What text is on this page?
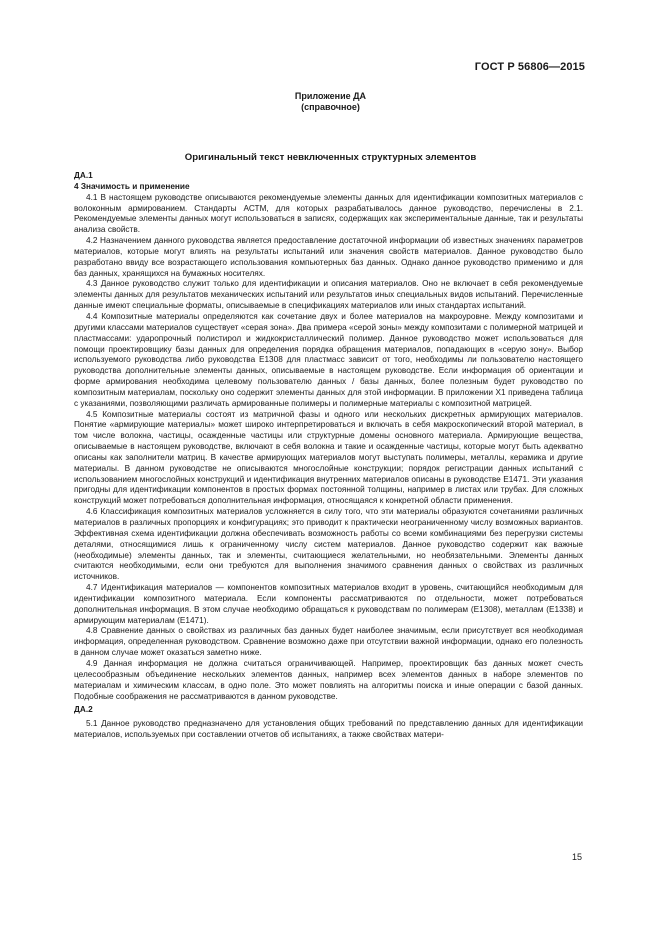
ГОСТ Р 56806—2015
Приложение ДА
(справочное)
Оригинальный текст невключенных структурных элементов

ДА.1

4 Значимость и применение

4.1 В настоящем руководстве описываются рекомендуемые элементы данных для идентификации композитных материалов с волоконным армированием. Стандарты АСТМ, для которых разрабатывалось данное руководство, перечислены в 2.1. Рекомендуемые элементы данных могут использоваться в записях, содержащих как экспериментальные данные, так и результаты анализа свойств.

4.2 Назначением данного руководства является предоставление достаточной информации об известных значениях параметров материалов, которые могут влиять на результаты испытаний или значения свойств материалов. Данное руководство было разработано ввиду все возрастающего использования компьютерных баз данных. Однако данное руководство применимо и для баз данных, хранящихся на бумажных носителях.

4.3 Данное руководство служит только для идентификации и описания материалов. Оно не включает в себя рекомендуемые элементы данных для результатов механических испытаний или результатов иных специальных видов испытаний. Перечисленные данные имеют специальные форматы, описываемые в спецификациях материалов или иных стандартах испытаний.

4.4 Композитные материалы определяются как сочетание двух и более материалов на макроуровне. Между композитами и другими классами материалов существует «серая зона». Два примера «серой зоны» между композитами с полимерной матрицей и пластмассами: ударопрочный полистирол и жидкокристаллический полимер. Данное руководство может использоваться для помощи проектировщику базы данных для определения порядка обращения материалов, попадающих в «серую зону». Выбор используемого руководства либо руководства E1308 для пластмасс зависит от того, необходимы ли пользователю настоящего руководства дополнительные элементы данных, описываемые в настоящем руководстве. Если информация об ориентации и форме армирования необходима целевому пользователю данных / базы данных, более полезным будет руководство по композитным материалам, поскольку оно содержит элементы данных для этой информации. В приложении X1 приведена таблица с указаниями, позволяющими различать армированные полимеры и полимерные материалы с композитной матрицей.

4.5 Композитные материалы состоят из матричной фазы и одного или нескольких дискретных армирующих материалов. Понятие «армирующие материалы» может широко интерпретироваться и включать в себя макроскопический второй материал, в том числе волокна, частицы, осажденные частицы или структурные домены основного материала. Армирующие вещества, описываемые в настоящем руководстве, включают в себя волокна и такие и осажденные частицы, которые могут быть адекватно описаны как заполнители матриц. В качестве армирующих материалов могут выступать полимеры, металлы, керамика и другие материалы. В данном руководстве не описываются многослойные конструкции; порядок регистрации данных испытаний с использованием многослойных конструкций и идентификация внутренних материалов описаны в руководстве E1471. Эти указания пригодны для идентификации компонентов в простых формах постоянной толщины, например в листах или трубах. Для сложных конструкций может потребоваться дополнительная информация, относящаяся к конкретной области применения.

4.6 Классификация композитных материалов усложняется в силу того, что эти материалы образуются сочетаниями различных материалов в различных пропорциях и конфигурациях; это приводит к практически неограниченному числу возможных вариантов. Эффективная схема идентификации должна обеспечивать возможность работы со всеми комбинациями без перегрузки системы деталями, относящимися лишь к ограниченному числу систем материалов. Данное руководство содержит как важные (необходимые) элементы данных, так и элементы, считающиеся желательными, но необязательными. Элементы данных считаются необходимыми, если они требуются для выполнения значимого сравнения данных о свойствах из различных источников.

4.7 Идентификация материалов — компонентов композитных материалов входит в уровень, считающийся необходимым для идентификации композитного материала. Если компоненты рассматриваются по отдельности, может потребоваться дополнительная информация. В этом случае необходимо обращаться к руководствам по полимерам (E1308), металлам (E1338) и армирующим материалам (E1471).

4.8 Сравнение данных о свойствах из различных баз данных будет наиболее значимым, если присутствует вся необходимая информация, определенная руководством. Сравнение возможно даже при отсутствии важной информации, однако его полезность в данном случае может оказаться заметно ниже.

4.9 Данная информация не должна считаться ограничивающей. Например, проектировщик баз данных может счесть целесообразным объединение нескольких элементов данных, например всех элементов данных в наборе элементов по материалам и химическим классам, в одно поле. Это может повлиять на алгоритмы поиска и иные операции с базой данных. Подобные соображения не рассматриваются в данном руководстве.

ДА.2

5.1 Данное руководство предназначено для установления общих требований по представлению данных для идентификации материалов, используемых при составлении отчетов об испытаниях, а также свойствах матери-

15
